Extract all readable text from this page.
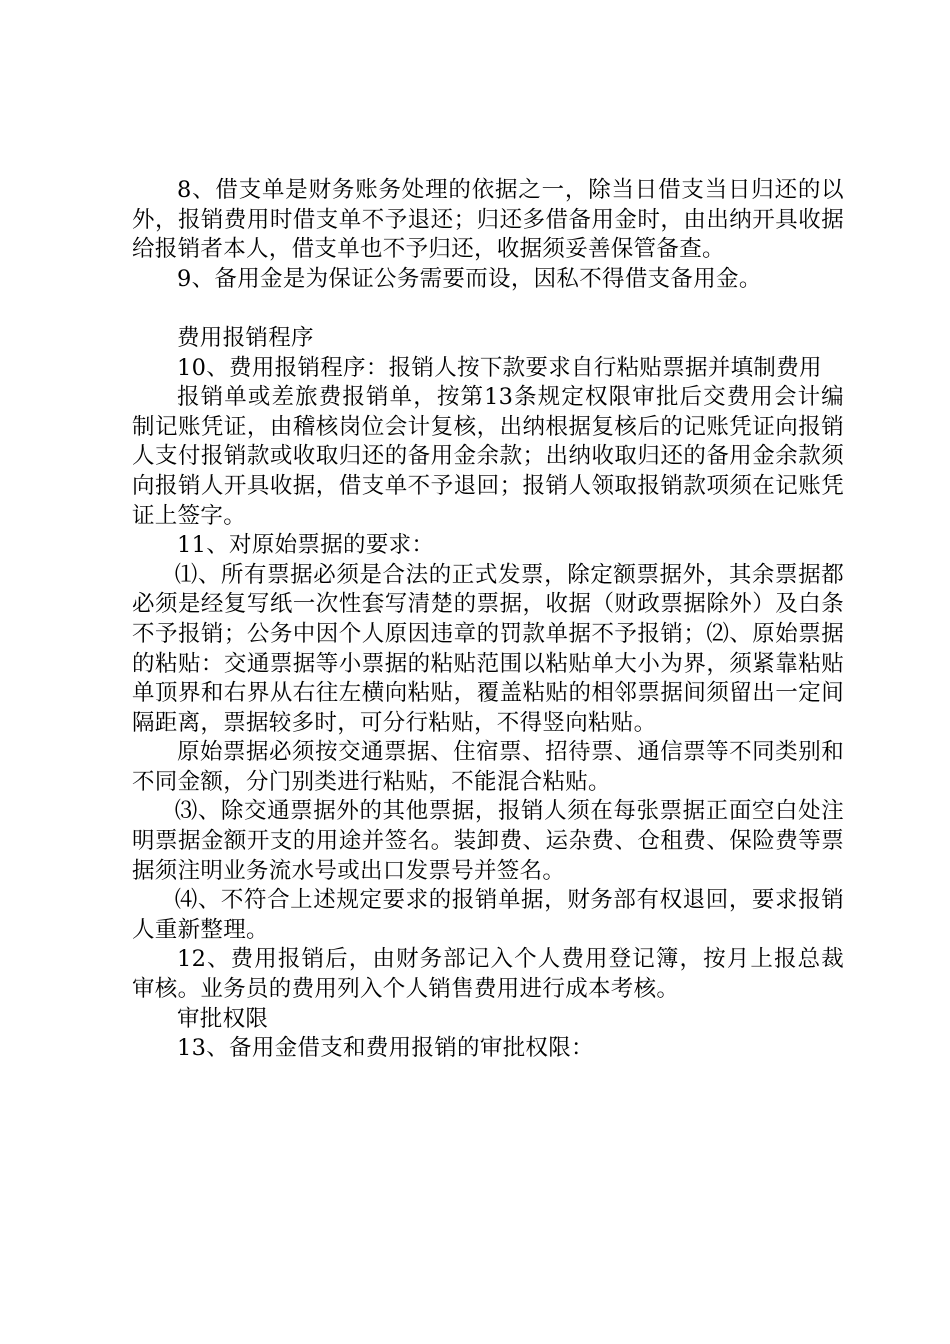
8、借支单是财务账务处理的依据之一，除当日借支当日归还的以外，报销费用时借支单不予退还；归还多借备用金时，由出纳开具收据给报销者本人，借支单也不予归还，收据须妥善保管备查。

9、备用金是为保证公务需要而设，因私不得借支备用金。

费用报销程序

10、费用报销程序：报销人按下款要求自行粘贴票据并填制费用

报销单或差旅费报销单，按第13条规定权限审批后交费用会计编制记账凭证，由稽核岗位会计复核，出纳根据复核后的记账凭证向报销人支付报销款或收取归还的备用金余款；出纳收取归还的备用金余款须向报销人开具收据，借支单不予退回；报销人领取报销款项须在记账凭证上签字。

11、对原始票据的要求：

⑴、所有票据必须是合法的正式发票，除定额票据外，其余票据都必须是经复写纸一次性套写清楚的票据，收据（财政票据除外）及白条不予报销；公务中因个人原因违章的罚款单据不予报销；⑵、原始票据的粘贴：交通票据等小票据的粘贴范围以粘贴单大小为界，须紧靠粘贴单顶界和右界从右往左横向粘贴，覆盖粘贴的相邻票据间须留出一定间隔距离，票据较多时，可分行粘贴，不得竖向粘贴。

原始票据必须按交通票据、住宿票、招待票、通信票等不同类别和不同金额，分门别类进行粘贴，不能混合粘贴。

⑶、除交通票据外的其他票据，报销人须在每张票据正面空白处注明票据金额开支的用途并签名。装卸费、运杂费、仓租费、保险费等票据须注明业务流水号或出口发票号并签名。

⑷、不符合上述规定要求的报销单据，财务部有权退回，要求报销人重新整理。

12、费用报销后，由财务部记入个人费用登记簿，按月上报总裁审核。业务员的费用列入个人销售费用进行成本考核。

审批权限

13、备用金借支和费用报销的审批权限：
